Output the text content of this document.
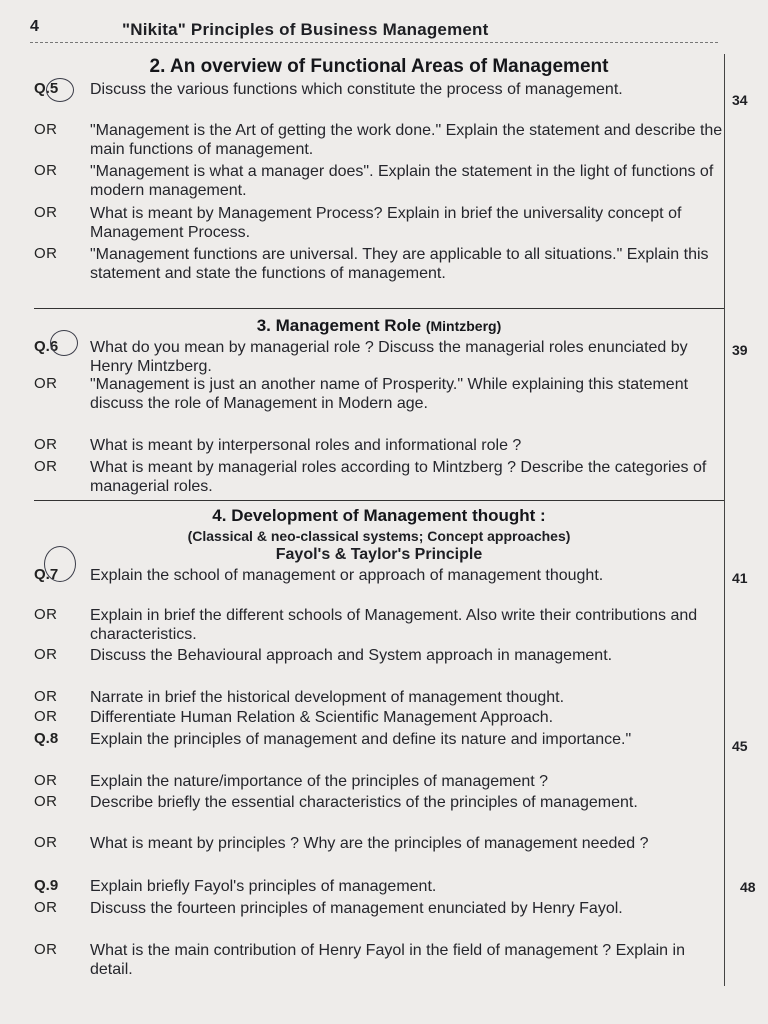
4	"Nikita" Principles of Business Management
2. An overview of Functional Areas of Management
Q.5	Discuss the various functions which constitute the process of management.
34
OR	"Management is the Art of getting the work done." Explain the statement and describe the main functions of management.
OR	"Management is what a manager does". Explain the statement in the light of functions of modern management.
OR	What is meant by Management Process? Explain in brief the universality concept of Management Process.
OR	"Management functions are universal. They are applicable to all situations." Explain this statement and state the functions of management.
3. Management Role (Mintzberg)
Q.6	What do you mean by managerial role ? Discuss the managerial roles enunciated by Henry Mintzberg.
39
OR	"Management is just an another name of Prosperity." While explaining this statement discuss the role of Management in Modern age.
OR	What is meant by interpersonal roles and informational role ?
OR	What is meant by managerial roles according to Mintzberg ? Describe the categories of managerial roles.
4. Development of Management thought :
(Classical & neo-classical systems; Concept approaches)
Fayol's & Taylor's Principle
Q.7	Explain the school of management or approach of management thought.	41
OR	Explain in brief the different schools of Management. Also write their contributions and characteristics.
OR	Discuss the Behavioural approach and System approach in management.
OR	Narrate in brief the historical development of management thought.
OR	Differentiate Human Relation & Scientific Management Approach.
Q.8	Explain the principles of management and define its nature and importance."	45
OR	Explain the nature/importance of the principles of management ?
OR	Describe briefly the essential characteristics of the principles of management.
OR	What is meant by principles ? Why are the principles of management needed ?
Q.9	Explain briefly Fayol's principles of management.	48
OR	Discuss the fourteen principles of management enunciated by Henry Fayol.
OR	What is the main contribution of Henry Fayol in the field of management ? Explain in detail.
